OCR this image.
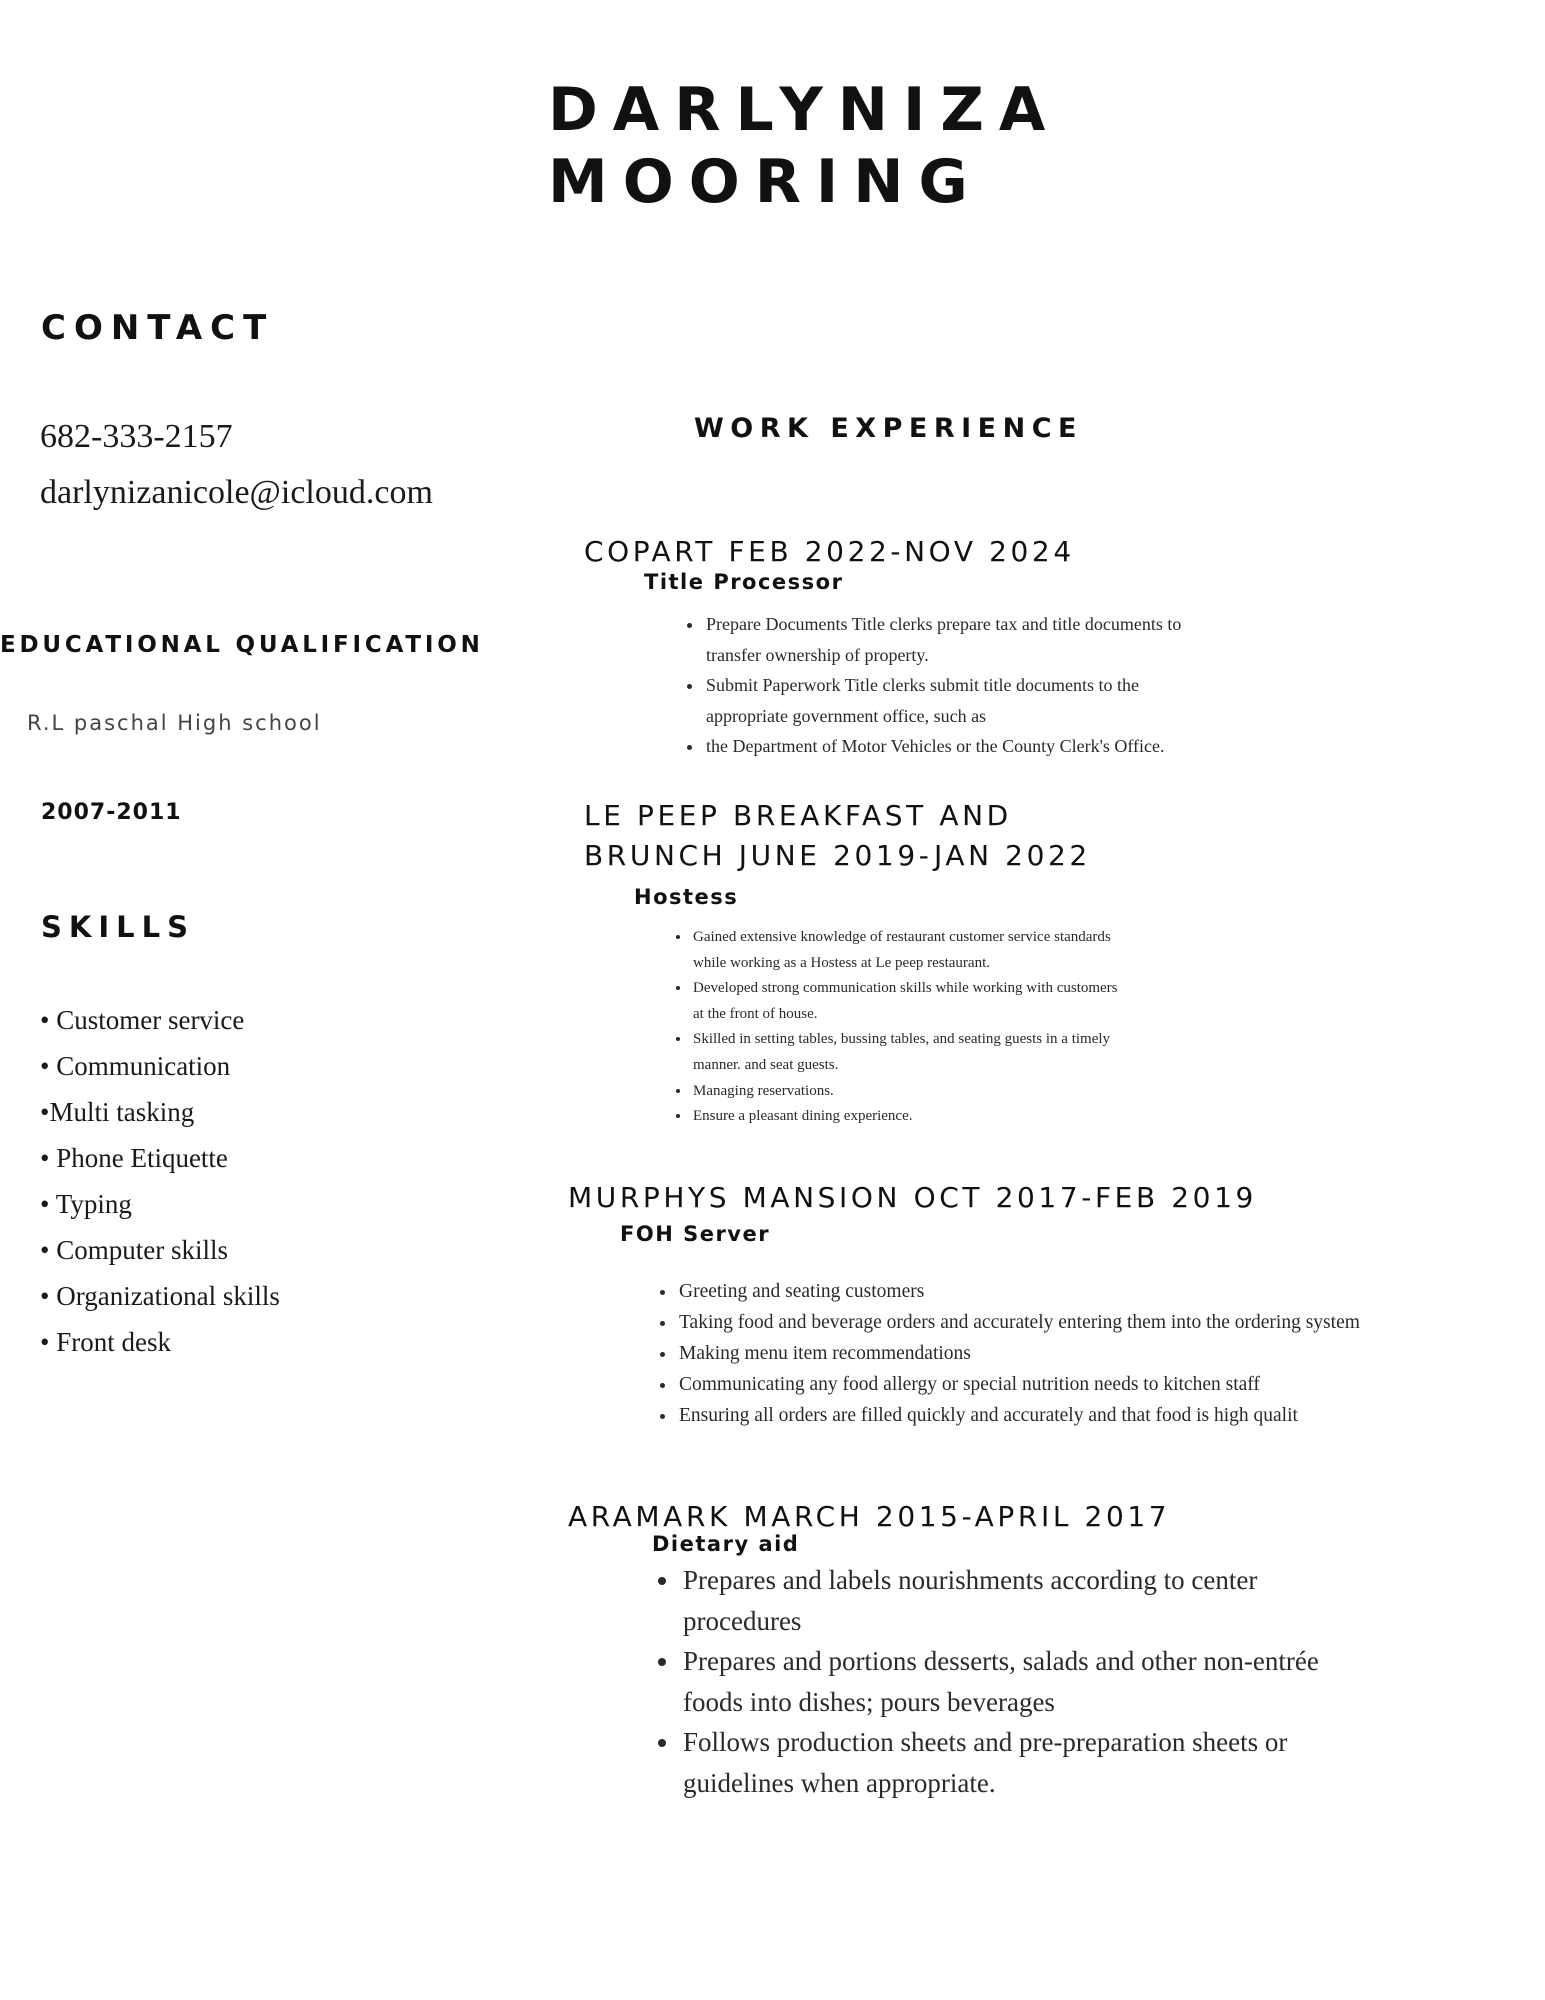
DARLYNIZA
MOORING
CONTACT
682-333-2157
darlynizanicole@icloud.com
EDUCATIONAL QUALIFICATION
R.L paschal High school
2007-2011
SKILLS
• Customer service
• Communication
•Multi tasking
• Phone Etiquette
• Typing
• Computer skills
• Organizational skills
• Front desk
WORK EXPERIENCE
COPART FEB 2022-NOV 2024
Title Processor
• Prepare Documents Title clerks prepare tax and title documents to transfer ownership of property.
• Submit Paperwork Title clerks submit title documents to the appropriate government office, such as
• the Department of Motor Vehicles or the County Clerk's Office.
LE PEEP BREAKFAST AND
BRUNCH JUNE 2019-JAN 2022
Hostess
• Gained extensive knowledge of restaurant customer service standards while working as a Hostess at Le peep restaurant.
• Developed strong communication skills while working with customers at the front of house.
• Skilled in setting tables, bussing tables, and seating guests in a timely manner. and seat guests.
• Managing reservations.
• Ensure a pleasant dining experience.
MURPHYS MANSION OCT 2017-FEB 2019
FOH Server
• Greeting and seating customers
• Taking food and beverage orders and accurately entering them into the ordering system
• Making menu item recommendations
• Communicating any food allergy or special nutrition needs to kitchen staff
• Ensuring all orders are filled quickly and accurately and that food is high qualit
ARAMARK MARCH 2015-APRIL 2017
Dietary aid
• Prepares and labels nourishments according to center procedures
• Prepares and portions desserts, salads and other non-entrée foods into dishes; pours beverages
• Follows production sheets and pre-preparation sheets or guidelines when appropriate.
